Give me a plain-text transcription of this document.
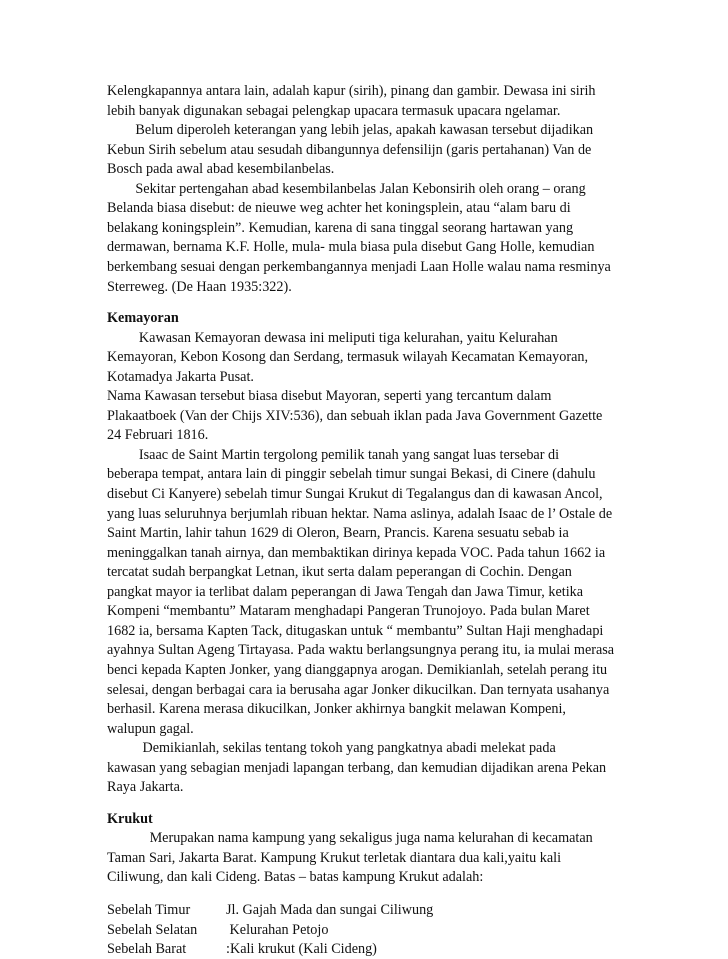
Kelengkapannya antara lain, adalah kapur (sirih), pinang dan gambir. Dewasa ini sirih
lebih banyak digunakan sebagai pelengkap upacara termasuk upacara ngelamar.
Belum diperoleh keterangan yang lebih jelas, apakah kawasan tersebut dijadikan
Kebun Sirih sebelum atau sesudah dibangunnya defensilijn (garis pertahanan) Van de
Bosch pada awal abad kesembilanbelas.
Sekitar pertengahan abad kesembilanbelas Jalan Kebonsirih oleh orang – orang
Belanda biasa disebut: de nieuwe weg achter het koningsplein, atau “alam baru di
belakang koningsplein”. Kemudian, karena di sana tinggal seorang hartawan yang
dermawan, bernama K.F. Holle, mula- mula biasa pula disebut Gang Holle, kemudian
berkembang sesuai dengan perkembangannya menjadi Laan Holle walau nama resminya
Sterreweg. (De Haan 1935:322).
Kemayoran
Kawasan Kemayoran dewasa ini meliputi tiga kelurahan, yaitu Kelurahan
Kemayoran, Kebon Kosong dan Serdang, termasuk wilayah Kecamatan Kemayoran,
Kotamadya Jakarta Pusat.
Nama Kawasan tersebut biasa disebut Mayoran, seperti yang tercantum dalam
Plakaatboek (Van der Chijs XIV:536), dan sebuah iklan pada Java Government Gazette
24 Februari 1816.
Isaac de Saint Martin tergolong pemilik tanah yang sangat luas tersebar di
beberapa tempat, antara lain di pinggir sebelah timur sungai Bekasi, di Cinere (dahulu
disebut Ci Kanyere) sebelah timur Sungai Krukut di Tegalangus dan di kawasan Ancol,
yang luas seluruhnya berjumlah ribuan hektar. Nama aslinya, adalah Isaac de l’ Ostale de
Saint Martin, lahir tahun 1629 di Oleron, Bearn, Prancis. Karena sesuatu sebab ia
meninggalkan tanah airnya, dan membaktikan dirinya kepada VOC. Pada tahun 1662 ia
tercatat sudah berpangkat Letnan, ikut serta dalam peperangan di Cochin. Dengan
pangkat mayor ia terlibat dalam peperangan di Jawa Tengah dan Jawa Timur, ketika
Kompeni “membantu” Mataram menghadapi Pangeran Trunojoyo. Pada bulan Maret
1682 ia, bersama Kapten Tack, ditugaskan untuk “ membantu” Sultan Haji menghadapi
ayahnya Sultan Ageng Tirtayasa. Pada waktu berlangsungnya perang itu, ia mulai merasa
benci kepada Kapten Jonker, yang dianggapnya arogan. Demikianlah, setelah perang itu
selesai, dengan berbagai cara ia berusaha agar Jonker dikucilkan. Dan ternyata usahanya
berhasil. Karena merasa dikucilkan, Jonker akhirnya bangkit melawan Kompeni,
walupun gagal.
Demikianlah, sekilas tentang tokoh yang pangkatnya abadi melekat pada
kawasan yang sebagian menjadi lapangan terbang, dan kemudian dijadikan arena Pekan
Raya Jakarta.
Krukut
Merupakan nama kampung yang sekaligus juga nama kelurahan di kecamatan
Taman Sari, Jakarta Barat. Kampung Krukut terletak diantara dua kali,yaitu kali
Ciliwung, dan kali Cideng. Batas – batas kampung Krukut adalah:
Sebelah Timur	Jl. Gajah Mada dan sungai Ciliwung
Sebelah Selatan Kelurahan Petojo
Sebelah Barat	:Kali krukut (Kali Cideng)
